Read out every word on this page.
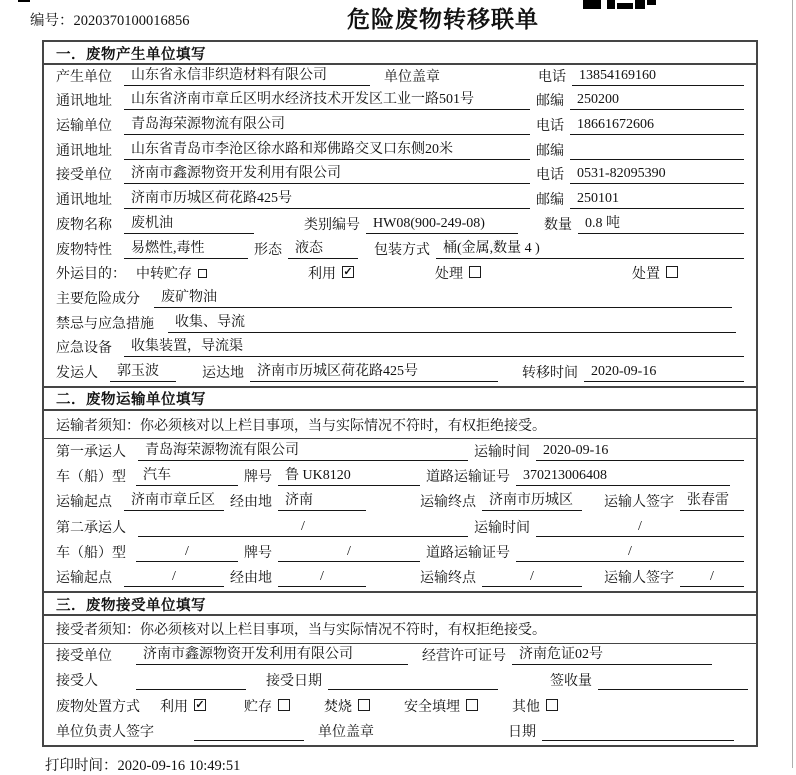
编号：2020370100016856	危险废物转移联单
一．废物产生单位填写
产生单位	山东省永信非织造材料有限公司	单位盖章	电话 13854169160
通讯地址	山东省济南市章丘区明水经济技术开发区工业一路501号	邮编 250200
运输单位	青岛海荣源物流有限公司	电话 18661672606
通讯地址	山东省青岛市李沧区徐水路和郑佛路交叉口东侧20米	邮编
接受单位	济南市鑫源物资开发利用有限公司	电话 0531-82095390
通讯地址	济南市历城区荷花路425号	邮编 250101
废物名称	废机油	类别编号 HW08(900-249-08)	数量 0.8 吨
废物特性	易燃性,毒性	形态 液态	包装方式 桶(金属,数量 4 )
外运目的： 中转贮存	利用 ✓	处理	处置
主要危险成分	废矿物油
禁忌与应急措施	收集、导流
应急设备	收集装置，导流渠
发运人	郭玉波	运达地 济南市历城区荷花路425号	转移时间 2020-09-16
二．废物运输单位填写
运输者须知：你必须核对以上栏目事项，当与实际情况不符时，有权拒绝接受。
第一承运人	青岛海荣源物流有限公司	运输时间 2020-09-16
车（船）型	汽车	牌号 鲁 UK8120	道路运输证号 370213006408
运输起点	济南市章丘区	经由地 济南	运输终点 济南市历城区	运输人签字 张春雷
第二承运人	/	运输时间	/
车（船）型	/	牌号	/	道路运输证号	/
运输起点	/	经由地	/	运输终点	/	运输人签字	/
三．废物接受单位填写
接受者须知：你必须核对以上栏目事项，当与实际情况不符时，有权拒绝接受。
接受单位	济南市鑫源物资开发利用有限公司	经营许可证号 济南危证02号
接受人	接受日期	签收量
废物处置方式	利用 ✓	贮存	焚烧	安全填埋	其他
单位负责人签字	单位盖章	日期
打印时间：2020-09-16 10:49:51
